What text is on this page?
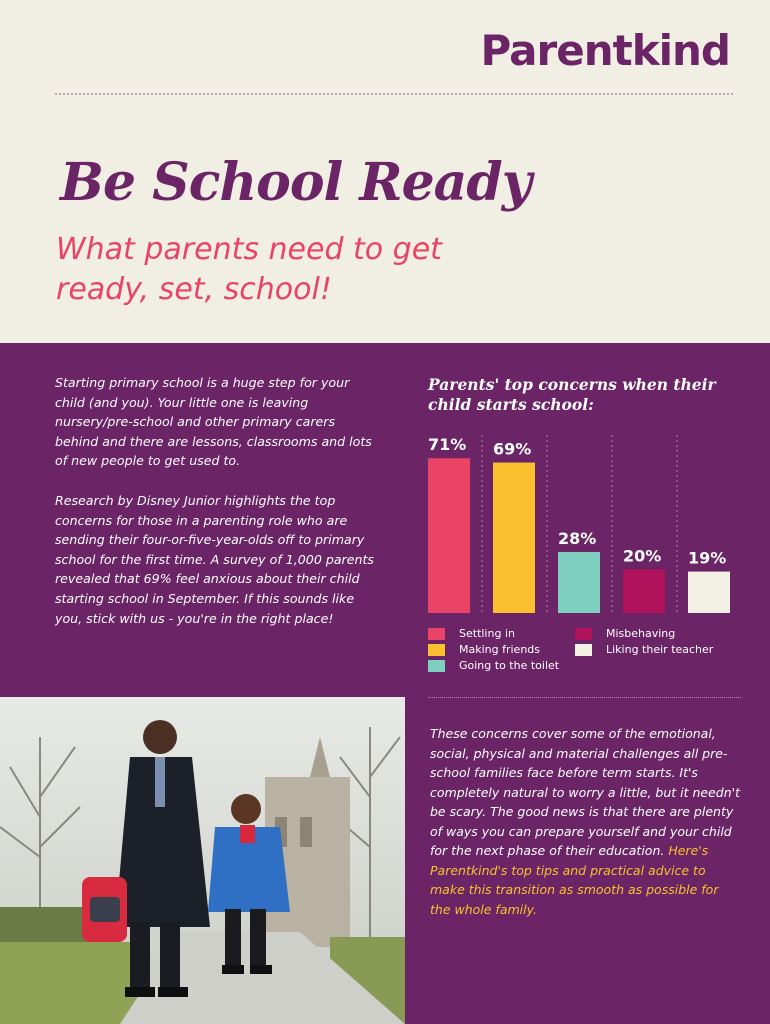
Parentkind
Be School Ready

What parents need to get ready, set, school!

Starting primary school is a huge step for your child (and you). Your little one is leaving nursery/pre-school and other primary carers behind and there are lessons, classrooms and lots of new people to get used to.

Research by Disney Junior highlights the top concerns for those in a parenting role who are sending their four-or-five-year-olds off to primary school for the first time. A survey of 1,000 parents revealed that 69% feel anxious about their child starting school in September. If this sounds like you, stick with us - you're in the right place!

Parents' top concerns when their child starts school:
71% 69%
28%
20% 19%
Settling in
Making friends
Going to the toilet
Misbehaving
Liking their teacher

These concerns cover some of the emotional, social, physical and material challenges all pre-school families face before term starts. It's completely natural to worry a little, but it needn't be scary. The good news is that there are plenty of ways you can prepare yourself and your child for the next phase of their education. Here's Parentkind's top tips and practical advice to make this transition as smooth as possible for the whole family.
